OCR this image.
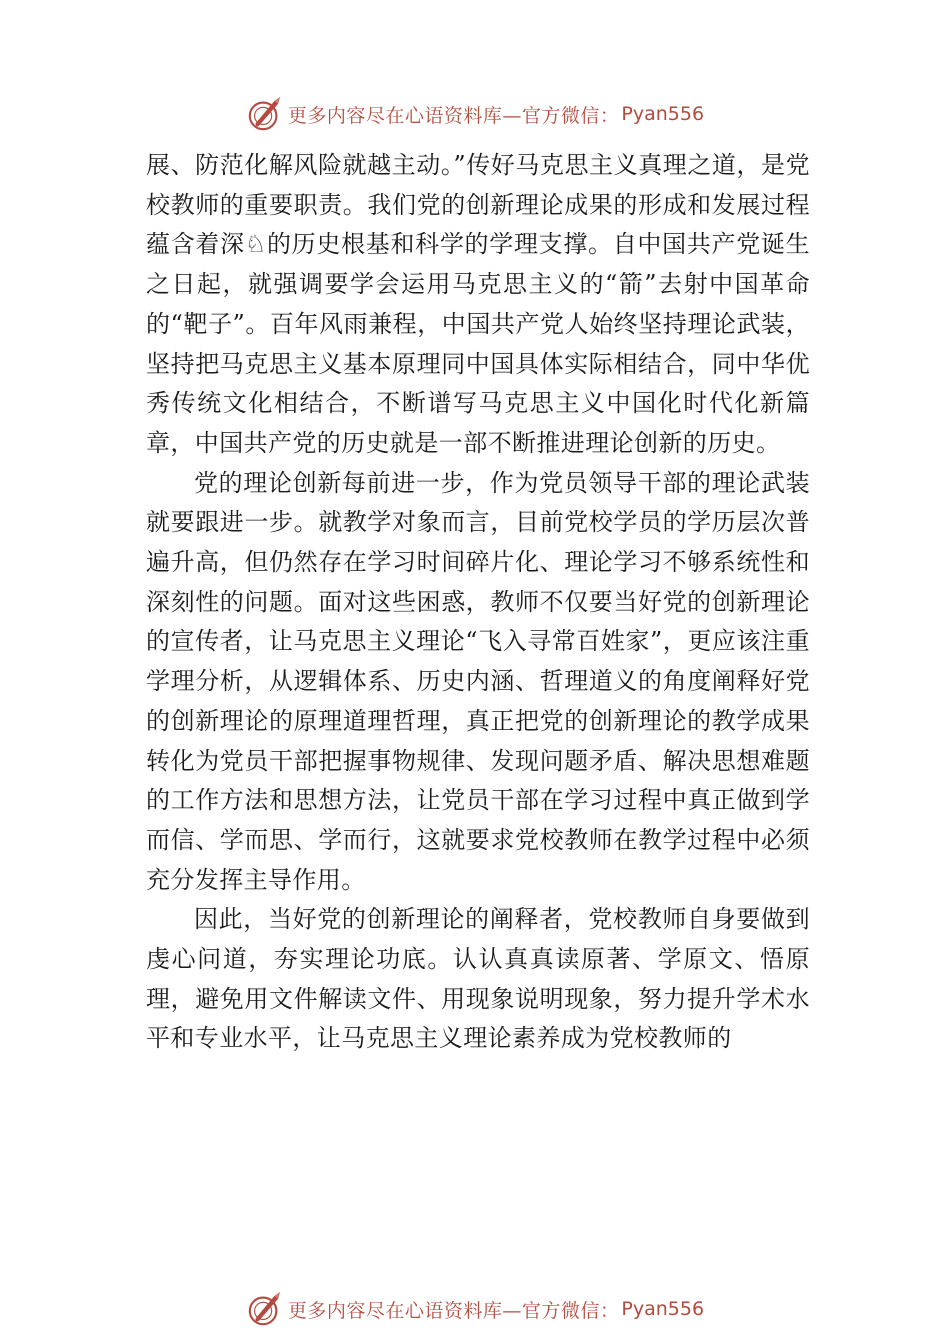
更多内容尽在心语资料库—官方微信： Pyan556

展、防范化解风险就越主动。”传好马克思主义真理之道，是党校教师的重要职责。我们党的创新理论成果的形成和发展过程蕴含着深♘的历史根基和科学的学理支撑。自中国共产党诞生之日起，就强调要学会运用马克思主义的“箭”去射中国革命的“靶子”。百年风雨兼程，中国共产党人始终坚持理论武装，坚持把马克思主义基本原理同中国具体实际相结合，同中华优秀传统文化相结合，不断谱写马克思主义中国化时代化新篇章，中国共产党的历史就是一部不断推进理论创新的历史。

党的理论创新每前进一步，作为党员领导干部的理论武装就要跟进一步。就教学对象而言，目前党校学员的学历层次普遍升高，但仍然存在学习时间碎片化、理论学习不够系统性和深刻性的问题。面对这些困惑，教师不仅要当好党的创新理论的宣传者，让马克思主义理论“飞入寻常百姓家”，更应该注重学理分析，从逻辑体系、历史内涵、哲理道义的角度阐释好党的创新理论的原理道理哲理，真正把党的创新理论的教学成果转化为党员干部把握事物规律、发现问题矛盾、解决思想难题的工作方法和思想方法，让党员干部在学习过程中真正做到学而信、学而思、学而行，这就要求党校教师在教学过程中必须充分发挥主导作用。

因此，当好党的创新理论的阐释者，党校教师自身要做到虔心问道，夯实理论功底。认认真真读原著、学原文、悟原理，避免用文件解读文件、用现象说明现象，努力提升学术水平和专业水平，让马克思主义理论素养成为党校教师的

更多内容尽在心语资料库—官方微信： Pyan556
